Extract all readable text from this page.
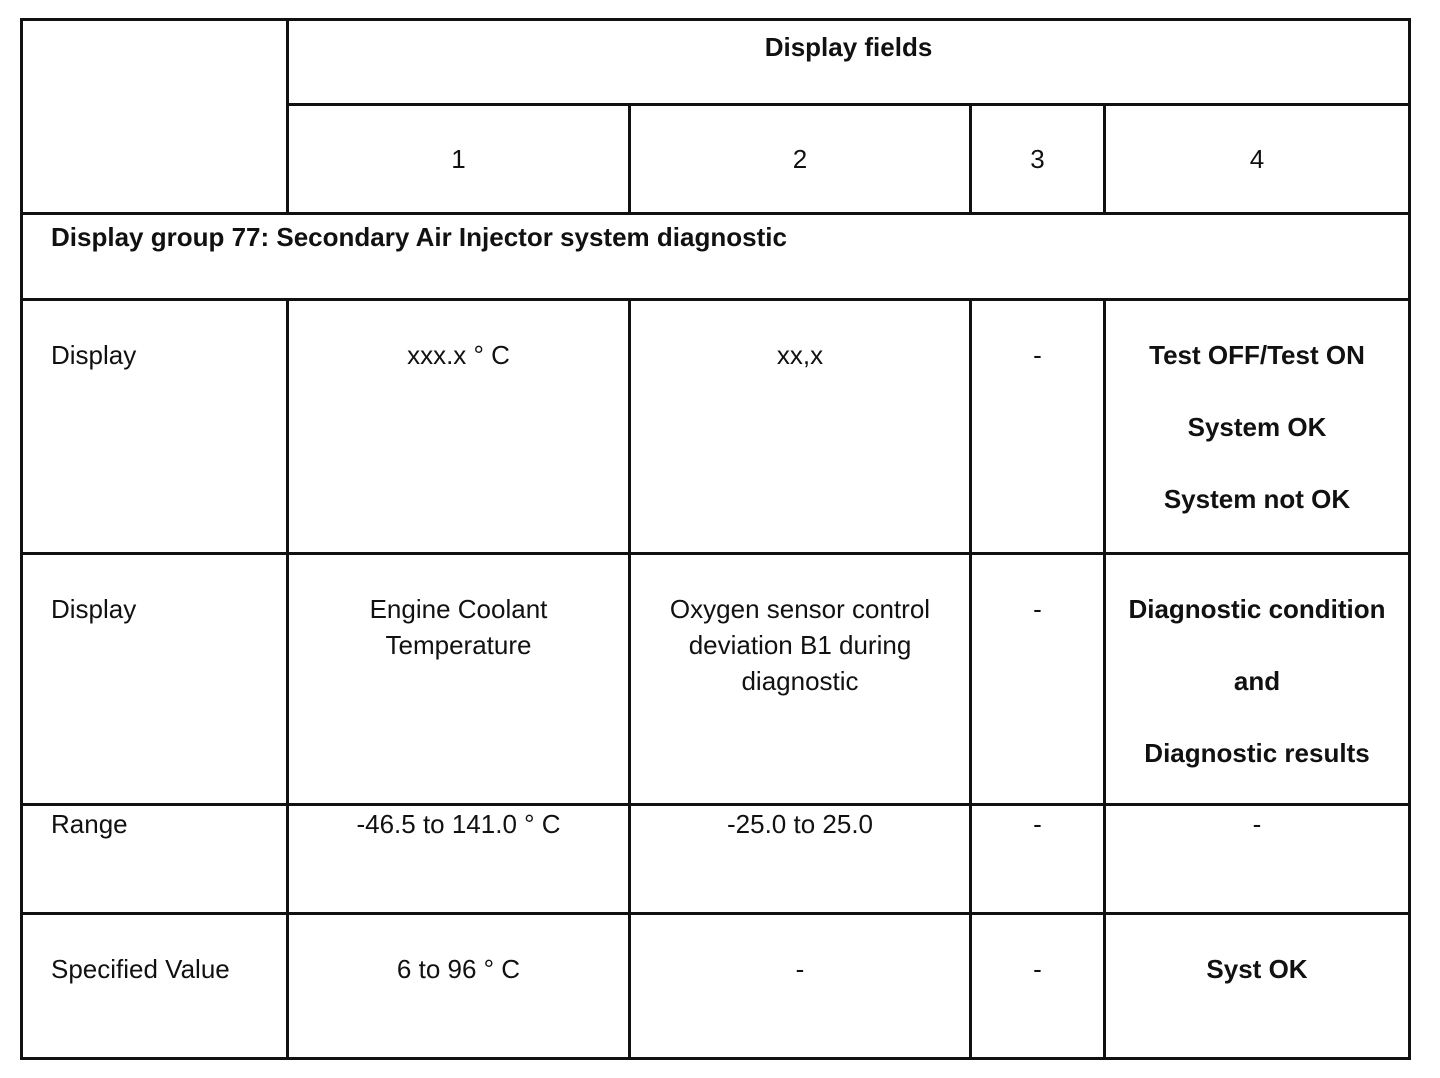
	Display fields			

	1	2	3	4

Display group 77: Secondary Air Injector system diagnostic				

Display	xxx.x ° C	xx,x	-	Test OFF/Test ON
System OK
System not OK

Display	Engine Coolant Temperature	Oxygen sensor control deviation B1 during diagnostic	-	Diagnostic condition
and
Diagnostic results

Range	-46.5 to 141.0 ° C	-25.0 to 25.0	-	-

Specified Value	6 to 96 ° C	-	-	Syst OK
